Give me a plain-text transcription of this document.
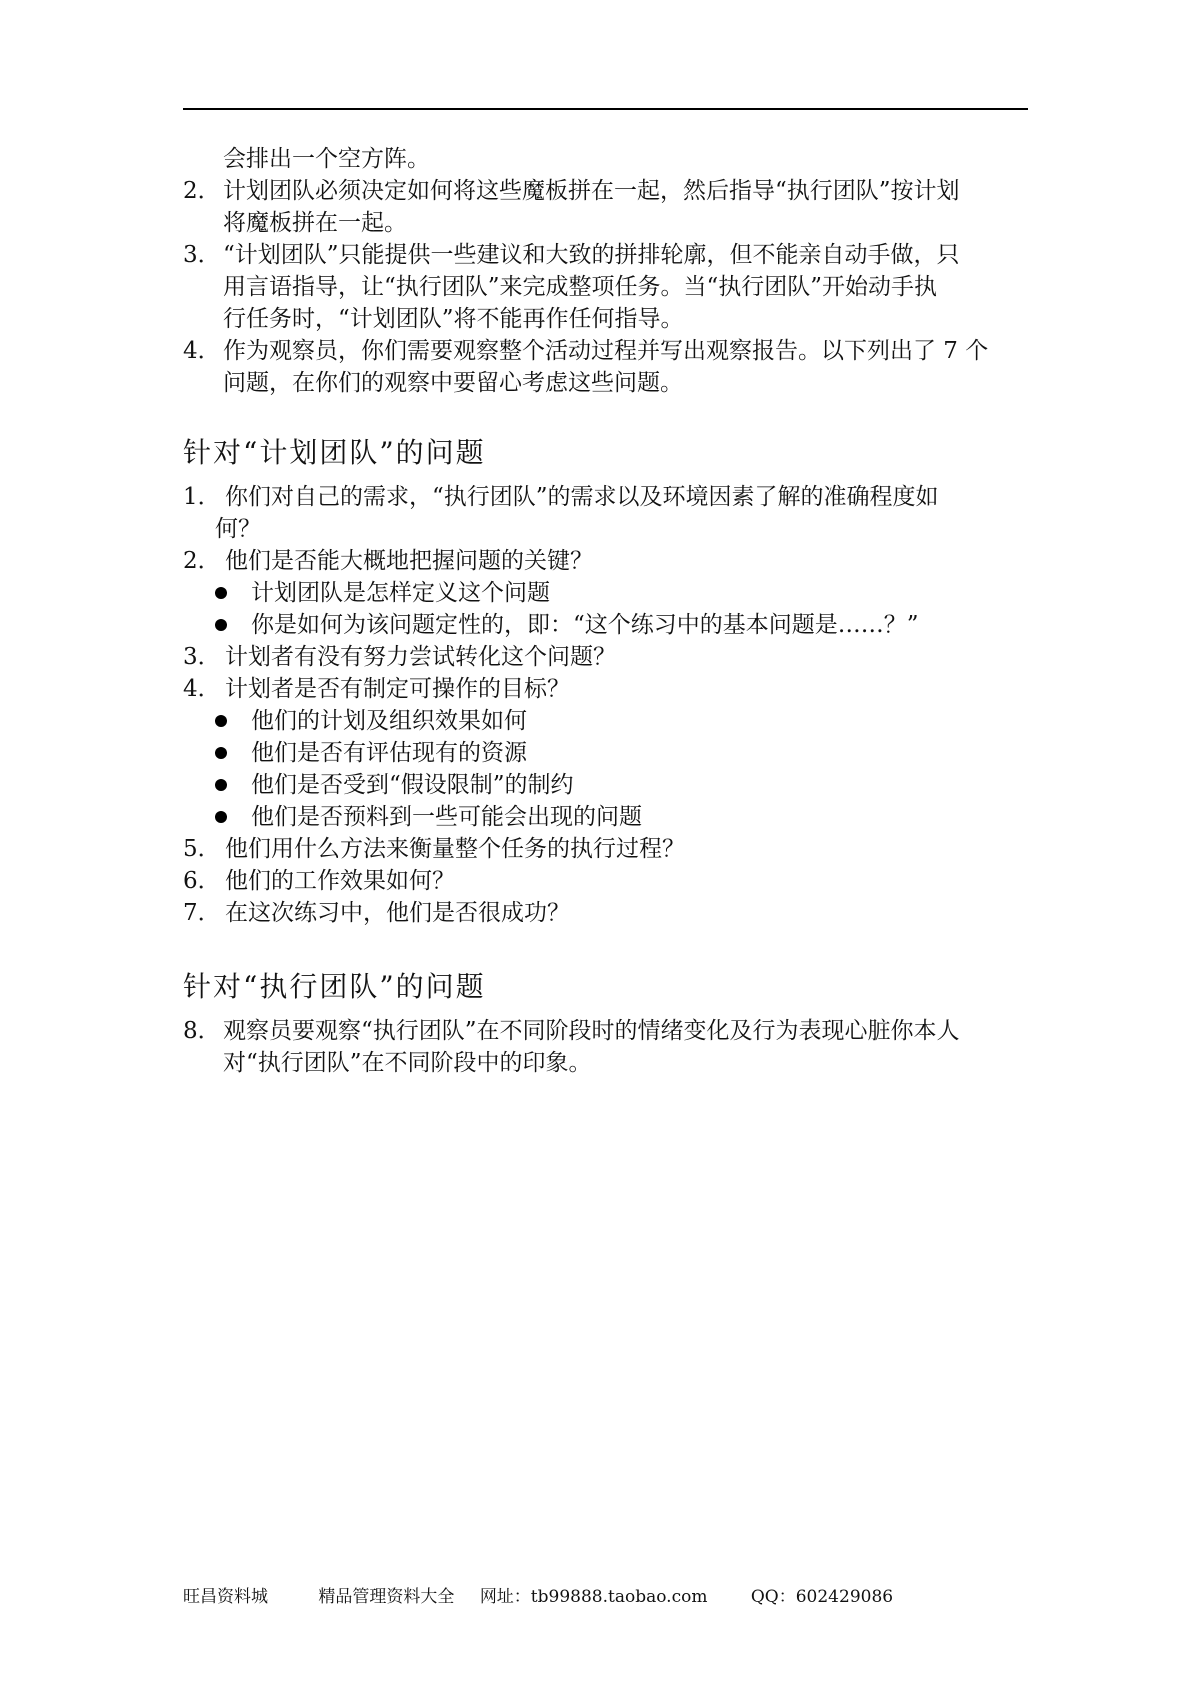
会排出一个空方阵。
2． 计划团队必须决定如何将这些魔板拼在一起，然后指导“执行团队”按计划
将魔板拼在一起。
3． “计划团队”只能提供一些建议和大致的拼排轮廓，但不能亲自动手做，只
用言语指导，让“执行团队”来完成整项任务。当“执行团队”开始动手执
行任务时，“计划团队”将不能再作任何指导。
4． 作为观察员，你们需要观察整个活动过程并写出观察报告。以下列出了 7 个
问题，在你们的观察中要留心考虑这些问题。
针对“计划团队”的问题
1． 你们对自己的需求，“执行团队”的需求以及环境因素了解的准确程度如
何？
2． 他们是否能大概地把握问题的关键？
计划团队是怎样定义这个问题
你是如何为该问题定性的，即：“这个练习中的基本问题是……？”
3． 计划者有没有努力尝试转化这个问题？
4． 计划者是否有制定可操作的目标？
他们的计划及组织效果如何
他们是否有评估现有的资源
他们是否受到“假设限制”的制约
他们是否预料到一些可能会出现的问题
5． 他们用什么方法来衡量整个任务的执行过程？
6． 他们的工作效果如何？
7． 在这次练习中，他们是否很成功？
针对“执行团队”的问题
8． 观察员要观察“执行团队”在不同阶段时的情绪变化及行为表现心脏你本人
对“执行团队”在不同阶段中的印象。
旺昌资料城	精品管理资料大全 网址：tb99888.taobao.com	QQ：602429086
